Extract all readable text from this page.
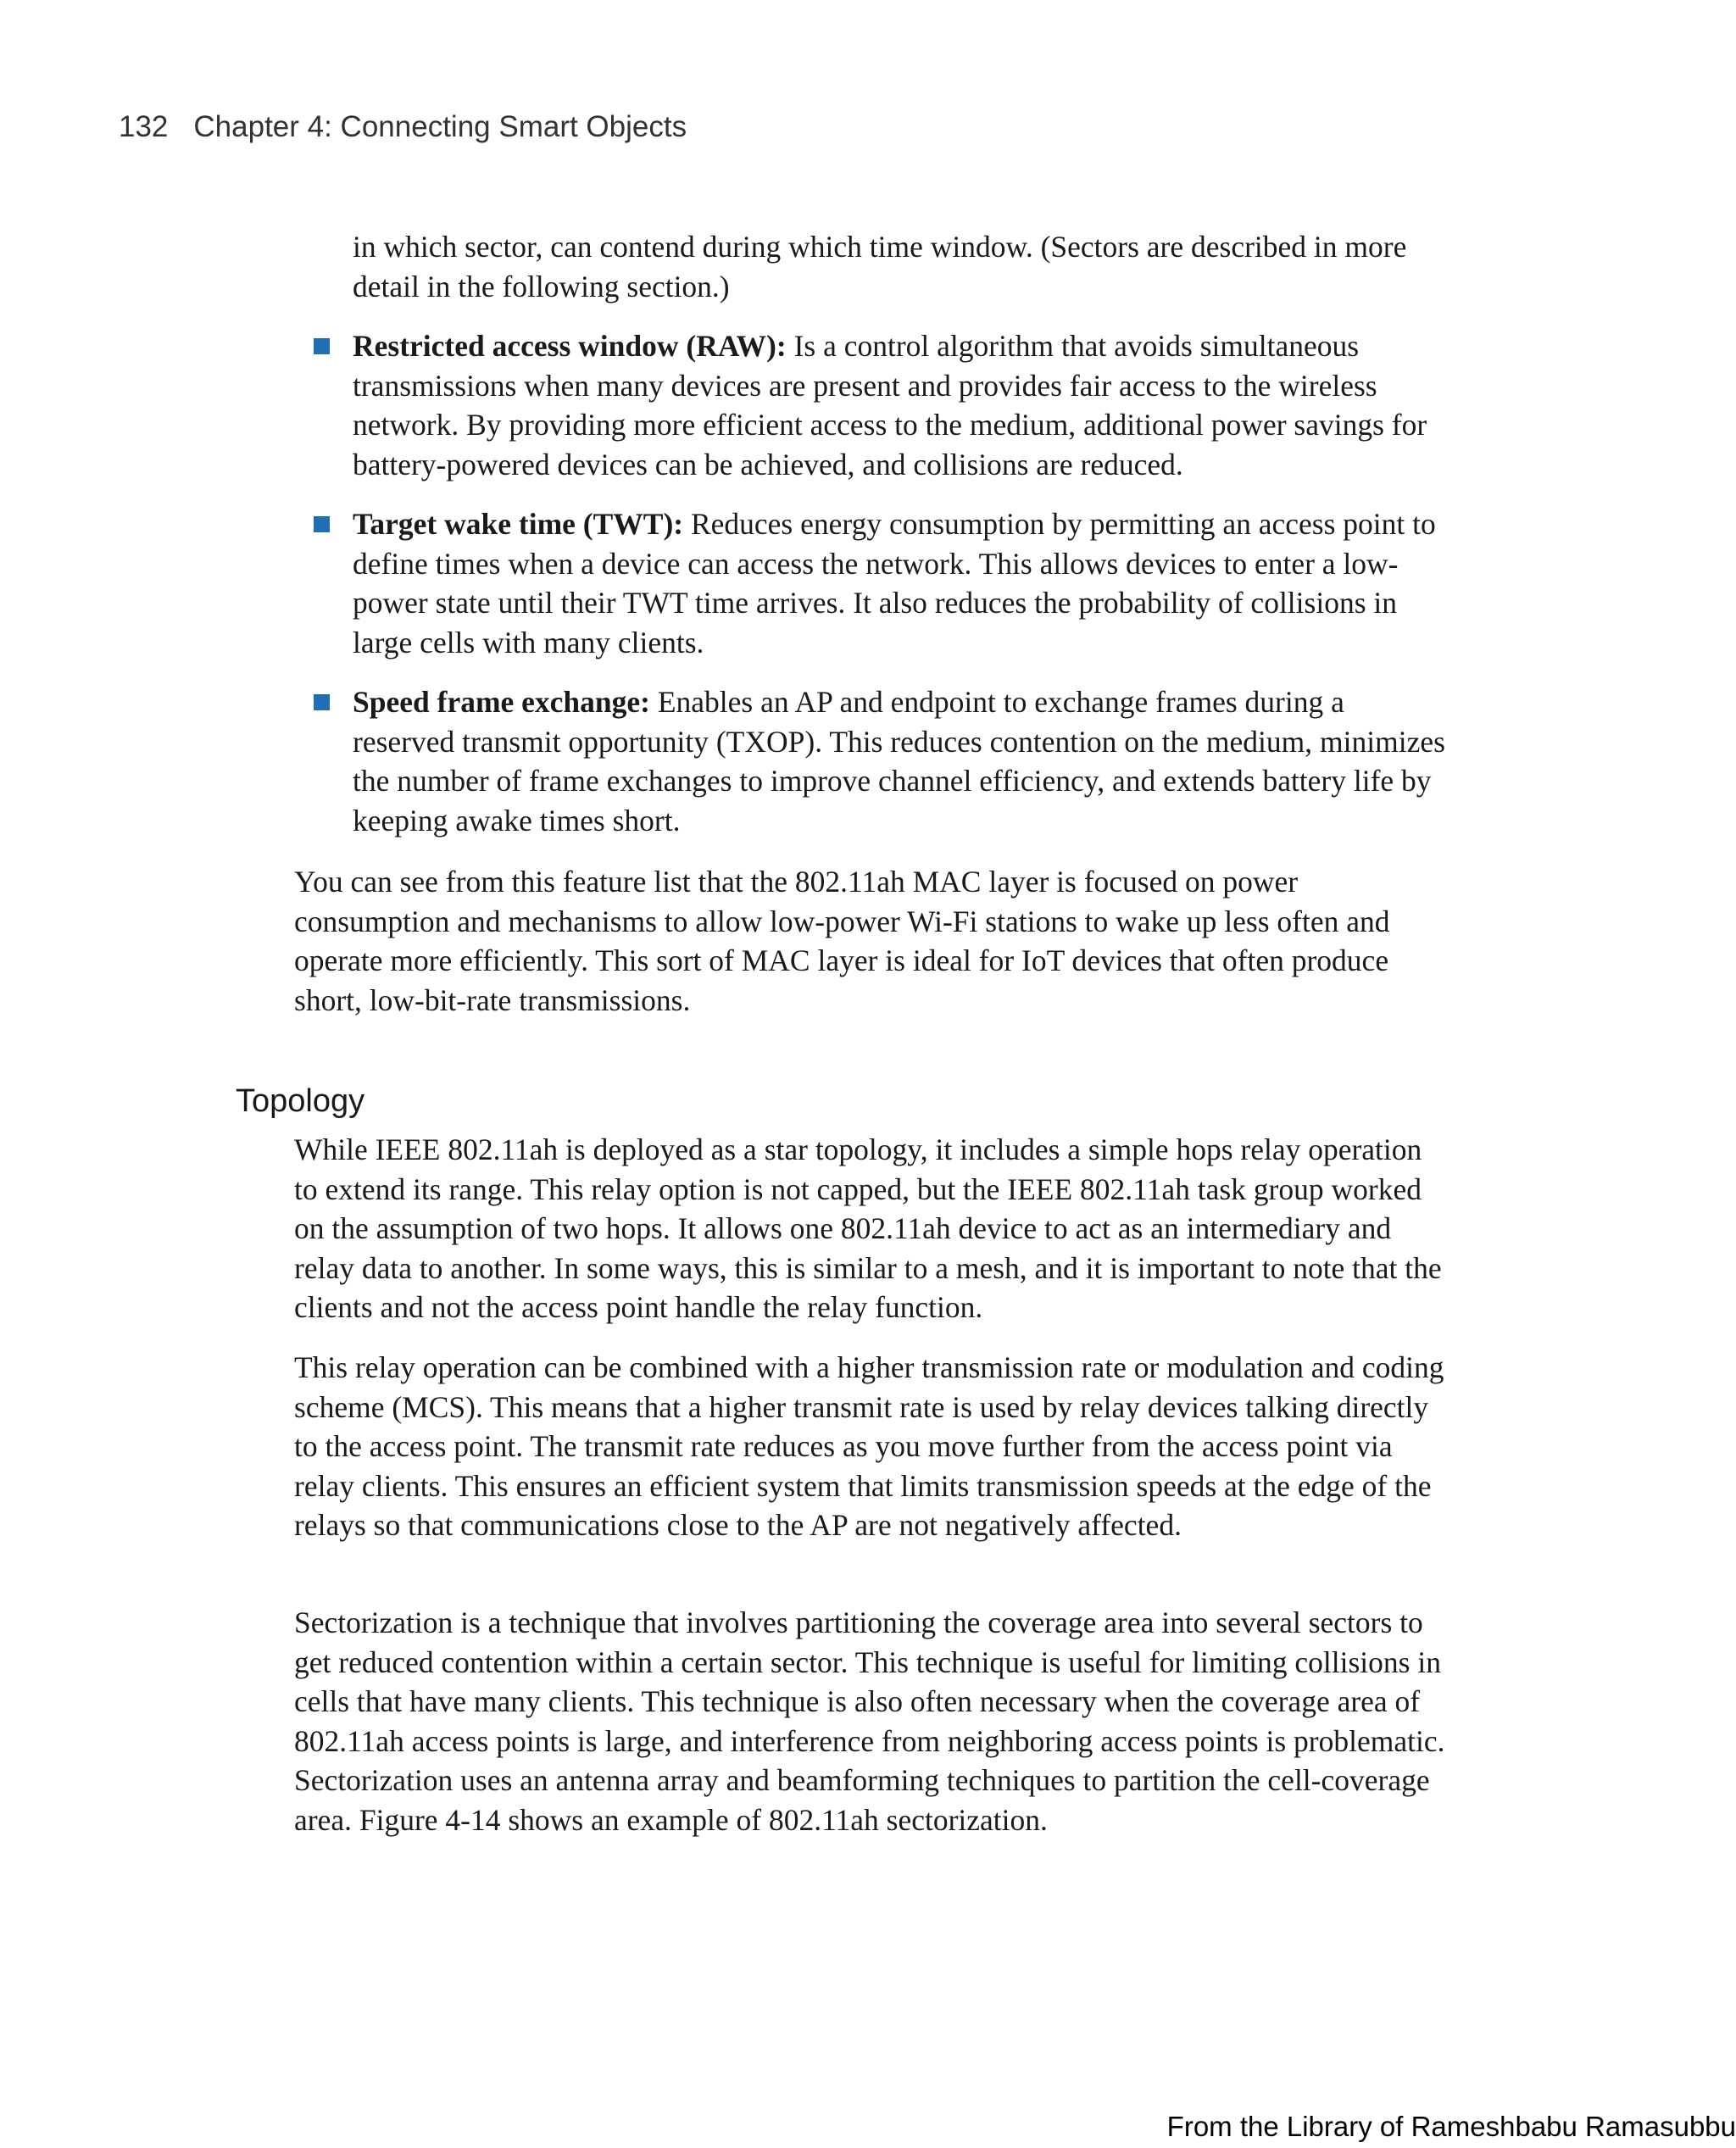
132 Chapter 4: Connecting Smart Objects

in which sector, can contend during which time window. (Sectors are described in more detail in the following section.)

Restricted access window (RAW): Is a control algorithm that avoids simultaneous transmissions when many devices are present and provides fair access to the wireless network. By providing more efficient access to the medium, additional power savings for battery-powered devices can be achieved, and collisions are reduced.
Target wake time (TWT): Reduces energy consumption by permitting an access point to define times when a device can access the network. This allows devices to enter a low-power state until their TWT time arrives. It also reduces the probability of collisions in large cells with many clients.
Speed frame exchange: Enables an AP and endpoint to exchange frames during a reserved transmit opportunity (TXOP). This reduces contention on the medium, minimizes the number of frame exchanges to improve channel efficiency, and extends battery life by keeping awake times short.

You can see from this feature list that the 802.11ah MAC layer is focused on power consumption and mechanisms to allow low-power Wi-Fi stations to wake up less often and operate more efficiently. This sort of MAC layer is ideal for IoT devices that often produce short, low-bit-rate transmissions.

Topology

While IEEE 802.11ah is deployed as a star topology, it includes a simple hops relay operation to extend its range. This relay option is not capped, but the IEEE 802.11ah task group worked on the assumption of two hops. It allows one 802.11ah device to act as an intermediary and relay data to another. In some ways, this is similar to a mesh, and it is important to note that the clients and not the access point handle the relay function.

This relay operation can be combined with a higher transmission rate or modulation and coding scheme (MCS). This means that a higher transmit rate is used by relay devices talking directly to the access point. The transmit rate reduces as you move further from the access point via relay clients. This ensures an efficient system that limits transmission speeds at the edge of the relays so that communications close to the AP are not negatively affected.

Sectorization is a technique that involves partitioning the coverage area into several sectors to get reduced contention within a certain sector. This technique is useful for limiting collisions in cells that have many clients. This technique is also often necessary when the coverage area of 802.11ah access points is large, and interference from neighboring access points is problematic. Sectorization uses an antenna array and beamforming techniques to partition the cell-coverage area. Figure 4-14 shows an example of 802.11ah sectorization.

From the Library of Rameshbabu Ramasubbu
